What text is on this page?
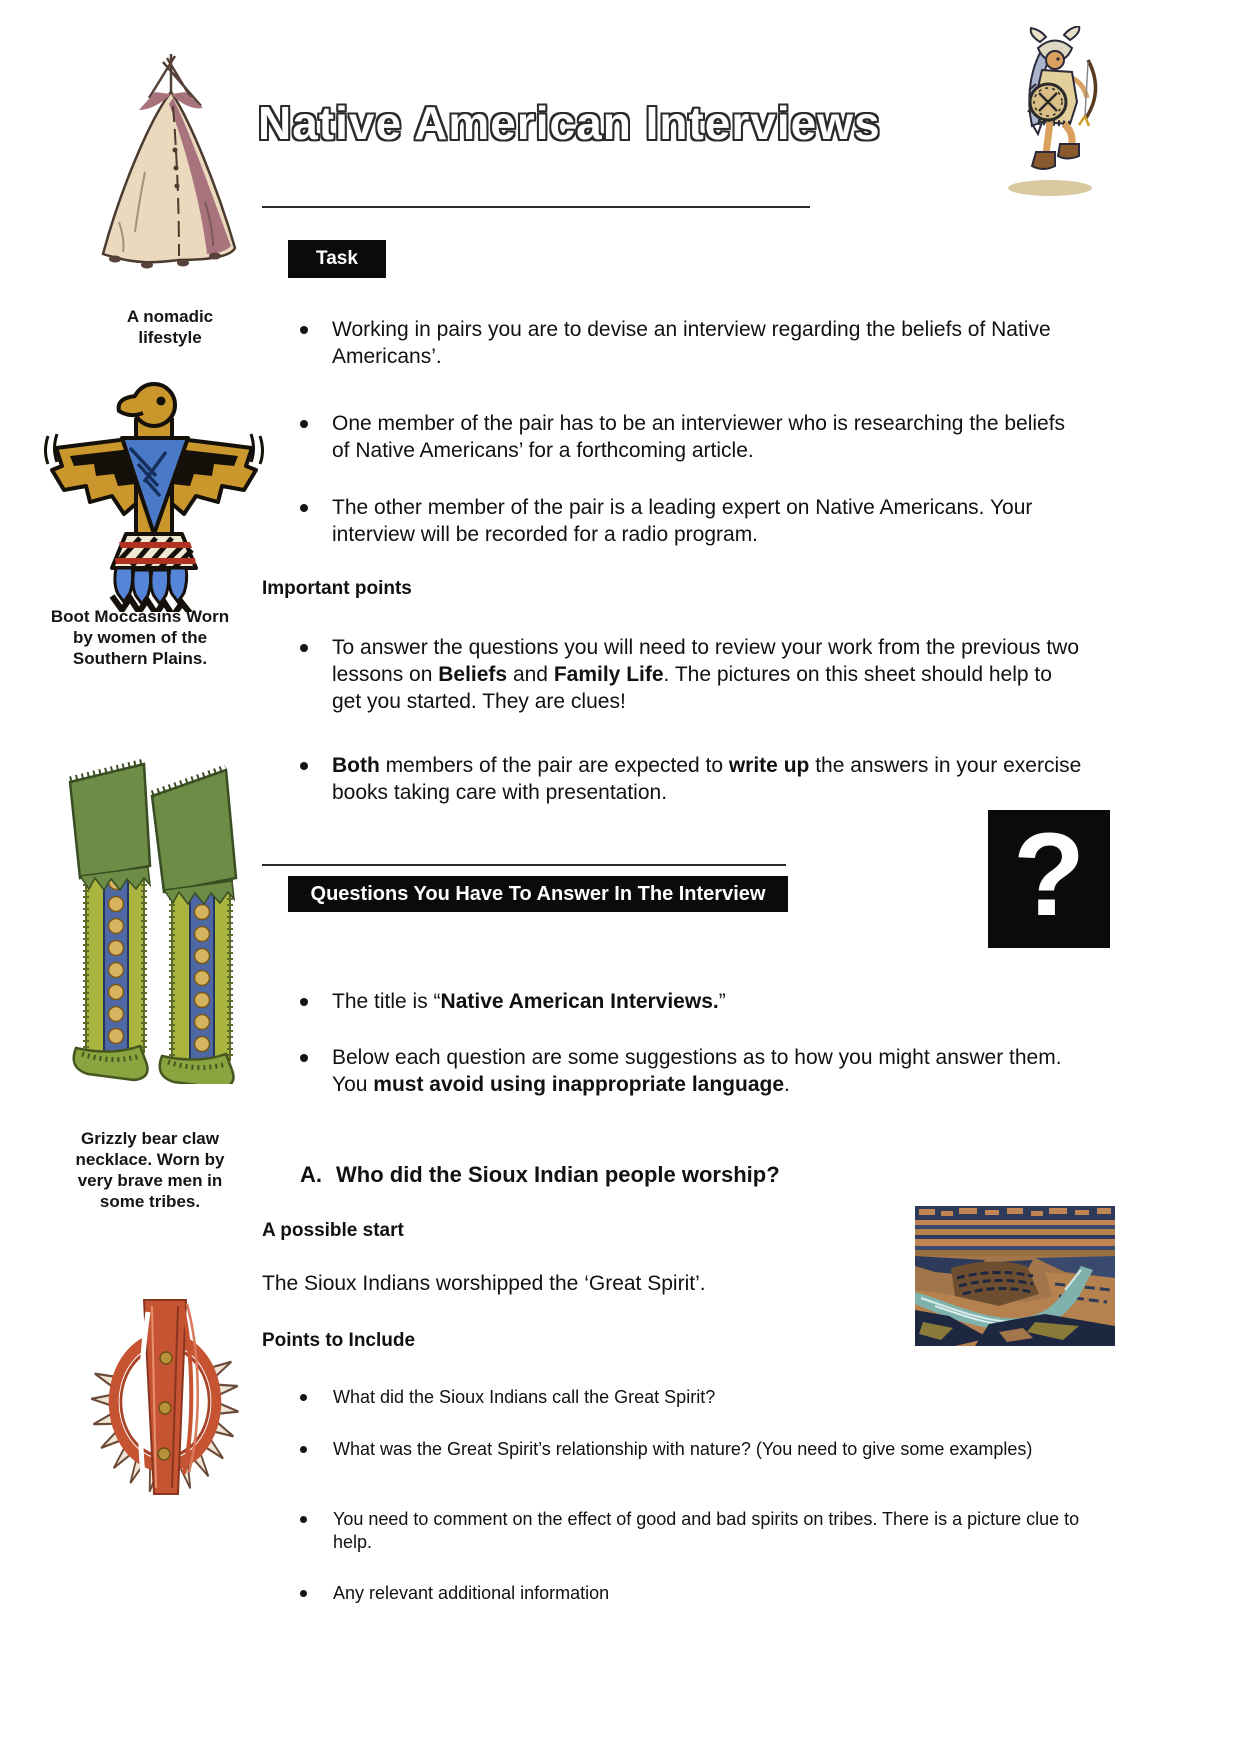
A nomadic lifestyle
Boot Moccasins Worn by women of the Southern Plains.
Grizzly bear claw necklace. Worn by very brave men in some tribes.
Native American Interviews
Task

Working in pairs you are to devise an interview regarding the beliefs of Native Americans’.

One member of the pair has to be an interviewer who is researching the beliefs of Native Americans’ for a forthcoming article.

The other member of the pair is a leading expert on Native Americans. Your interview will be recorded for a radio program.

Important points

To answer the questions you will need to review your work from the previous two lessons on Beliefs and Family Life. The pictures on this sheet should help to get you started. They are clues!

Both members of the pair are expected to write up the answers in your exercise books taking care with presentation.

Questions You Have To Answer In The Interview ?

The title is “Native American Interviews.”

Below each question are some suggestions as to how you might answer them. You must avoid using inappropriate language.

A. Who did the Sioux Indian people worship?
A possible start
The Sioux Indians worshipped the ‘Great Spirit’.
Points to Include

What did the Sioux Indians call the Great Spirit?

What was the Great Spirit’s relationship with nature? (You need to give some examples)

You need to comment on the effect of good and bad spirits on tribes. There is a picture clue to help.

Any relevant additional information
